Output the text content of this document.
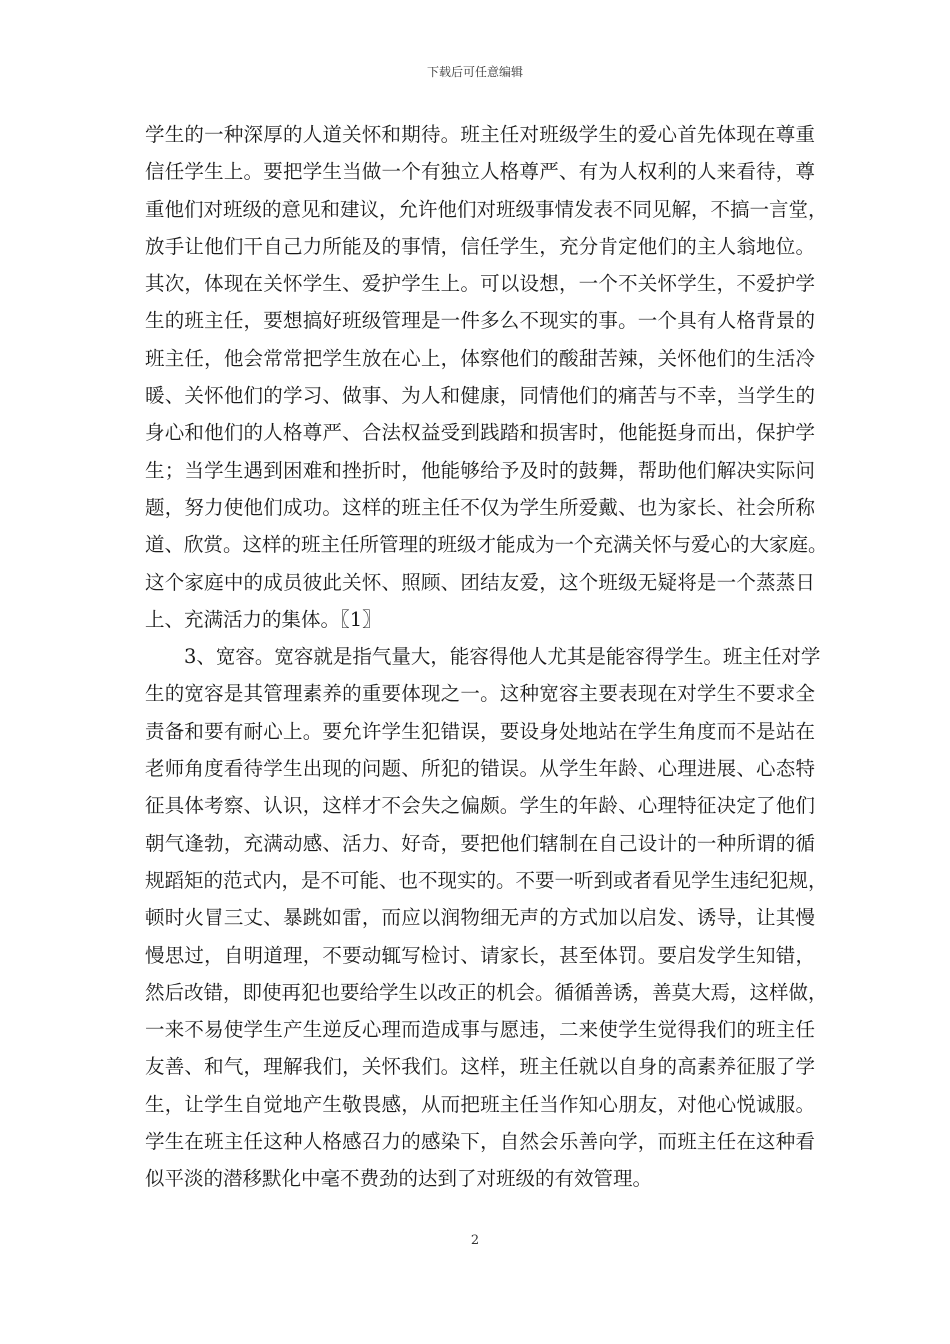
下载后可任意编辑
学生的一种深厚的人道关怀和期待。班主任对班级学生的爱心首先体现在尊重
信任学生上。要把学生当做一个有独立人格尊严、有为人权利的人来看待，尊
重他们对班级的意见和建议，允许他们对班级事情发表不同见解，不搞一言堂，
放手让他们干自己力所能及的事情，信任学生，充分肯定他们的主人翁地位。
其次，体现在关怀学生、爱护学生上。可以设想，一个不关怀学生，不爱护学
生的班主任，要想搞好班级管理是一件多么不现实的事。一个具有人格背景的
班主任，他会常常把学生放在心上，体察他们的酸甜苦辣，关怀他们的生活冷
暖、关怀他们的学习、做事、为人和健康，同情他们的痛苦与不幸，当学生的
身心和他们的人格尊严、合法权益受到践踏和损害时，他能挺身而出，保护学
生；当学生遇到困难和挫折时，他能够给予及时的鼓舞，帮助他们解决实际问
题，努力使他们成功。这样的班主任不仅为学生所爱戴、也为家长、社会所称
道、欣赏。这样的班主任所管理的班级才能成为一个充满关怀与爱心的大家庭。
这个家庭中的成员彼此关怀、照顾、团结友爱，这个班级无疑将是一个蒸蒸日
上、充满活力的集体。〖1〗
3、宽容。宽容就是指气量大，能容得他人尤其是能容得学生。班主任对学
生的宽容是其管理素养的重要体现之一。这种宽容主要表现在对学生不要求全
责备和要有耐心上。要允许学生犯错误，要设身处地站在学生角度而不是站在
老师角度看待学生出现的问题、所犯的错误。从学生年龄、心理进展、心态特
征具体考察、认识，这样才不会失之偏颇。学生的年龄、心理特征决定了他们
朝气逢勃，充满动感、活力、好奇，要把他们辖制在自己设计的一种所谓的循
规蹈矩的范式内，是不可能、也不现实的。不要一听到或者看见学生违纪犯规，
顿时火冒三丈、暴跳如雷，而应以润物细无声的方式加以启发、诱导，让其慢
慢思过，自明道理，不要动辄写检讨、请家长，甚至体罚。要启发学生知错，
然后改错，即使再犯也要给学生以改正的机会。循循善诱，善莫大焉，这样做，
一来不易使学生产生逆反心理而造成事与愿违，二来使学生觉得我们的班主任
友善、和气，理解我们，关怀我们。这样，班主任就以自身的高素养征服了学
生，让学生自觉地产生敬畏感，从而把班主任当作知心朋友，对他心悦诚服。
学生在班主任这种人格感召力的感染下，自然会乐善向学，而班主任在这种看
似平淡的潜移默化中毫不费劲的达到了对班级的有效管理。
2
